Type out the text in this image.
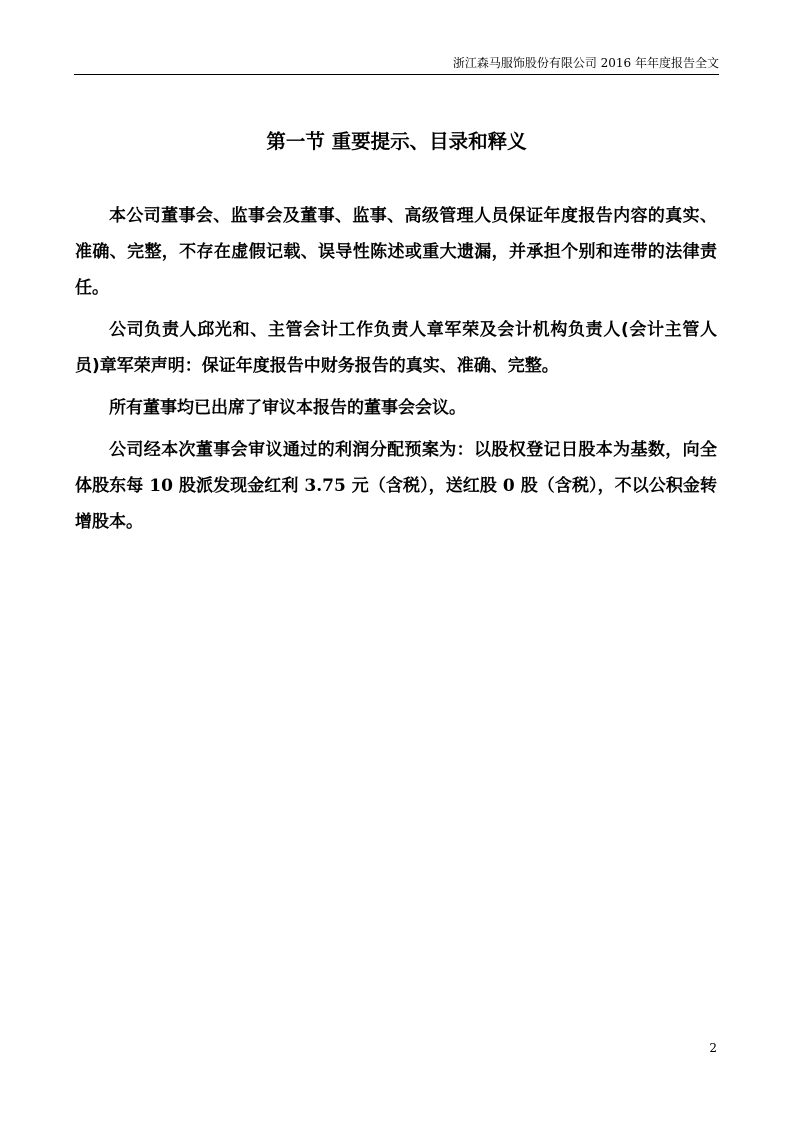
浙江森马服饰股份有限公司 2016 年年度报告全文
第一节 重要提示、目录和释义

本公司董事会、监事会及董事、监事、高级管理人员保证年度报告内容的真实、准确、完整，不存在虚假记载、误导性陈述或重大遗漏，并承担个别和连带的法律责任。

公司负责人邱光和、主管会计工作负责人章军荣及会计机构负责人(会计主管人员)章军荣声明：保证年度报告中财务报告的真实、准确、完整。

所有董事均已出席了审议本报告的董事会会议。

公司经本次董事会审议通过的利润分配预案为：以股权登记日股本为基数，向全体股东每 10 股派发现金红利 3.75 元（含税），送红股 0 股（含税），不以公积金转增股本。

2
